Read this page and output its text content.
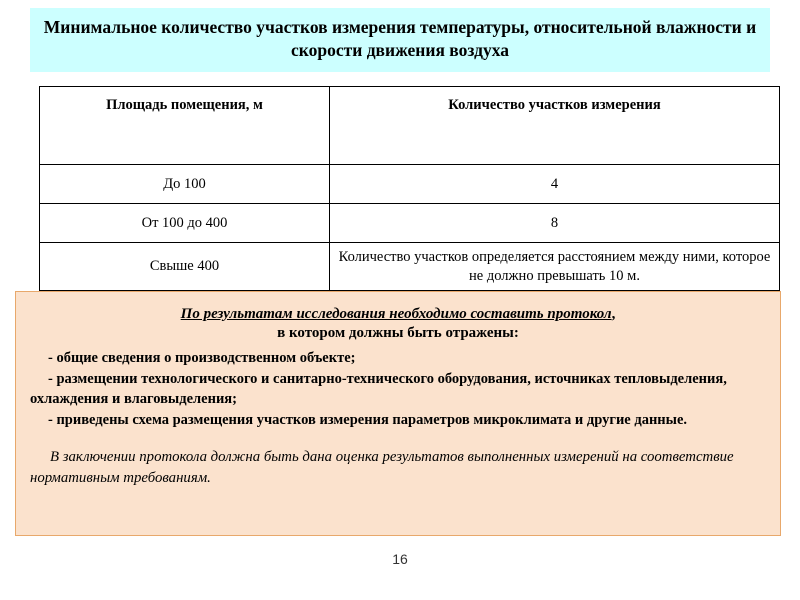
Минимальное количество участков измерения температуры, относительной влажности и скорости движения воздуха
Площадь помещения, м	Количество участков измерения
До 100	4
От 100 до 400	8
Свыше 400	Количество участков определяется расстоянием между ними, которое не должно превышать 10 м.
По результатам исследования необходимо составить протокол,
в котором должны быть отражены:
- общие сведения о производственном объекте;
- размещении технологического и санитарно-технического оборудования, источниках тепловыделения, охлаждения и влаговыделения;
- приведены схема размещения участков измерения параметров микроклимата и другие данные.
В заключении протокола должна быть дана оценка результатов выполненных измерений на соответствие нормативным требованиям.
16
